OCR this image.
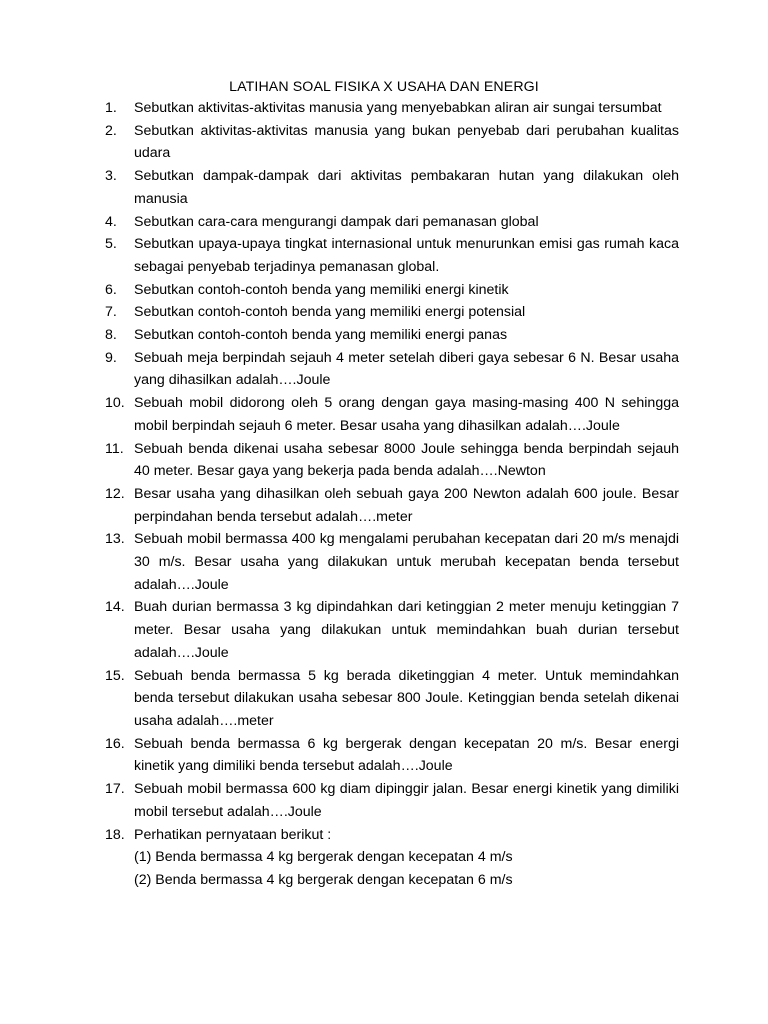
LATIHAN SOAL FISIKA X USAHA DAN ENERGI
1. Sebutkan aktivitas-aktivitas manusia yang menyebabkan aliran air sungai tersumbat
2. Sebutkan aktivitas-aktivitas manusia yang bukan penyebab dari perubahan kualitas udara
3. Sebutkan dampak-dampak dari aktivitas pembakaran hutan yang dilakukan oleh manusia
4. Sebutkan cara-cara mengurangi dampak dari pemanasan global
5. Sebutkan upaya-upaya tingkat internasional untuk menurunkan emisi gas rumah kaca sebagai penyebab terjadinya pemanasan global.
6. Sebutkan contoh-contoh benda yang memiliki energi kinetik
7. Sebutkan contoh-contoh benda yang memiliki energi potensial
8. Sebutkan contoh-contoh benda yang memiliki energi panas
9. Sebuah meja berpindah sejauh 4 meter setelah diberi gaya sebesar 6 N. Besar usaha yang dihasilkan adalah….Joule
10. Sebuah mobil didorong oleh 5 orang dengan gaya masing-masing 400 N sehingga mobil berpindah sejauh 6 meter. Besar usaha yang dihasilkan adalah….Joule
11. Sebuah benda dikenai usaha sebesar 8000 Joule sehingga benda berpindah sejauh 40 meter. Besar gaya yang bekerja pada benda adalah….Newton
12. Besar usaha yang dihasilkan oleh sebuah gaya 200 Newton adalah 600 joule. Besar perpindahan benda tersebut adalah….meter
13. Sebuah mobil bermassa 400 kg mengalami perubahan kecepatan dari 20 m/s menajdi 30 m/s. Besar usaha yang dilakukan untuk merubah kecepatan benda tersebut adalah….Joule
14. Buah durian bermassa 3 kg dipindahkan dari ketinggian 2 meter menuju ketinggian 7 meter. Besar usaha yang dilakukan untuk memindahkan buah durian tersebut adalah….Joule
15. Sebuah benda bermassa 5 kg berada diketinggian 4 meter. Untuk memindahkan benda tersebut dilakukan usaha sebesar 800 Joule. Ketinggian benda setelah dikenai usaha adalah….meter
16. Sebuah benda bermassa 6 kg bergerak dengan kecepatan 20 m/s. Besar energi kinetik yang dimiliki benda tersebut adalah….Joule
17. Sebuah mobil bermassa 600 kg diam dipinggir jalan. Besar energi kinetik yang dimiliki mobil tersebut adalah….Joule
18. Perhatikan pernyataan berikut :
(1) Benda bermassa 4 kg bergerak dengan kecepatan 4 m/s
(2) Benda bermassa 4 kg bergerak dengan kecepatan 6 m/s
